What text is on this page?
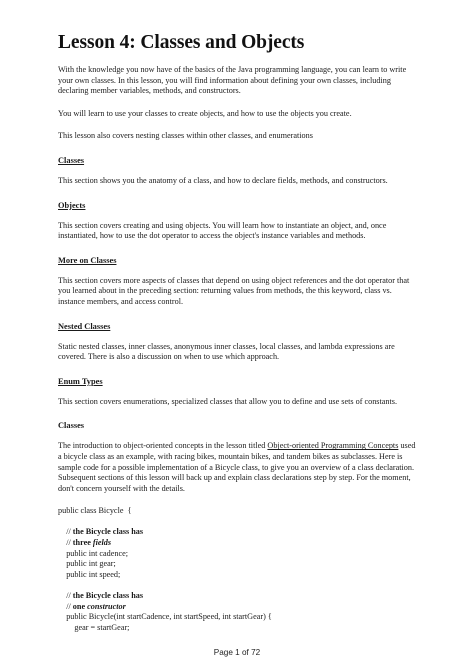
Lesson 4: Classes and Objects

With the knowledge you now have of the basics of the Java programming language, you can learn to write your own classes. In this lesson, you will find information about defining your own classes, including declaring member variables, methods, and constructors.

You will learn to use your classes to create objects, and how to use the objects you create.

This lesson also covers nesting classes within other classes, and enumerations

Classes

This section shows you the anatomy of a class, and how to declare fields, methods, and constructors.

Objects

This section covers creating and using objects. You will learn how to instantiate an object, and, once instantiated, how to use the dot operator to access the object's instance variables and methods.

More on Classes

This section covers more aspects of classes that depend on using object references and the dot operator that you learned about in the preceding section: returning values from methods, the this keyword, class vs. instance members, and access control.

Nested Classes

Static nested classes, inner classes, anonymous inner classes, local classes, and lambda expressions are covered. There is also a discussion on when to use which approach.

Enum Types

This section covers enumerations, specialized classes that allow you to define and use sets of constants.

Classes

The introduction to object-oriented concepts in the lesson titled Object-oriented Programming Concepts used a bicycle class as an example, with racing bikes, mountain bikes, and tandem bikes as subclasses. Here is sample code for a possible implementation of a Bicycle class, to give you an overview of a class declaration. Subsequent sections of this lesson will back up and explain class declarations step by step. For the moment, don't concern yourself with the details.

public class Bicycle  {

// the Bicycle class has
// three fields
public int cadence;
public int gear;
public int speed;

// the Bicycle class has
// one constructor
public Bicycle(int startCadence, int startSpeed, int startGear) {
gear = startGear;
Page 1 of 72
